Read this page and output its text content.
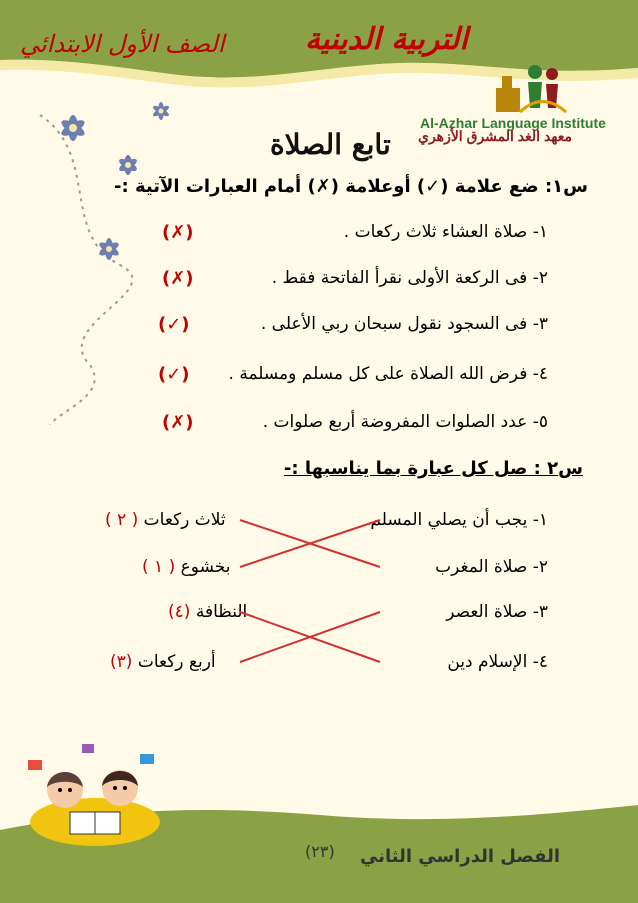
الصف الأول الابتدائي	التربية الدينية
Al-Azhar Language Institute
معهد الغد المشرق الأزهري
تابع الصلاة
س١: ضع علامة (✓) أوعلامة (✗) أمام العبارات الآتية :-
١- صلاة العشاء ثلاث ركعات .
(✗)
٢- فى الركعة الأولى نقرأ الفاتحة فقط .
(✗)
٣- فى السجود نقول سبحان ربي الأعلى .
(✓)
٤- فرض الله الصلاة على كل مسلم ومسلمة .
(✓)
٥- عدد الصلوات المفروضة أربع صلوات .
(✗)
س٢ : صل كل عبارة بما يناسبها :-
١- يجب أن يصلي المسلم
٢- صلاة المغرب
٣- صلاة العصر
٤- الإسلام دين
ثلاث ركعات ( ٢ )
بخشوع ( ١ )
النظافة (٤)
أربع ركعات (٣)
(٢٣) الفصل الدراسي الثاني
